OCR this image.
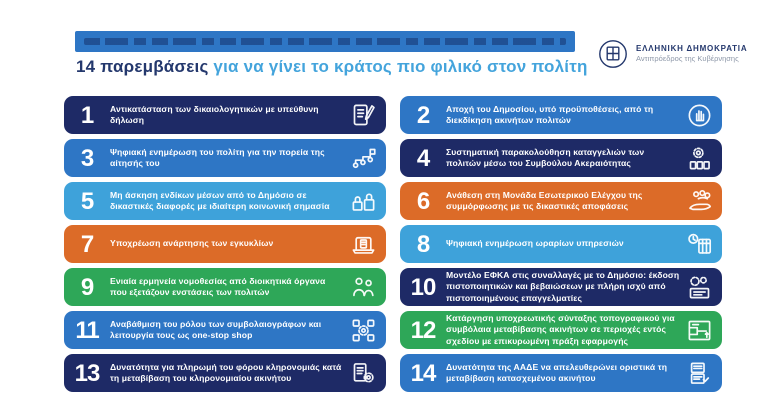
14 παρεμβάσεις για να γίνει το κράτος πιο φιλικό στον πολίτη
ΕΛΛΗΝΙΚΗ ΔΗΜΟΚΡΑΤΙΑ
Αντιπρόεδρος της Κυβέρνησης
1	Αντικατάσταση των δικαιολογητικών με υπεύθυνη δήλωση	2	Αποχή του Δημοσίου, υπό προϋποθέσεις, από τη διεκδίκηση ακινήτων πολιτών
3	Ψηφιακή ενημέρωση του πολίτη για την πορεία της αίτησής του	4	Συστηματική παρακολούθηση καταγγελιών των πολιτών μέσω του Συμβούλου Ακεραιότητας
5	Μη άσκηση ενδίκων μέσων από το Δημόσιο σε δικαστικές διαφορές με ιδιαίτερη κοινωνική σημασία	6	Ανάθεση στη Μονάδα Εσωτερικού Ελέγχου της συμμόρφωσης με τις δικαστικές αποφάσεις
7	Υποχρέωση ανάρτησης των εγκυκλίων	8	Ψηφιακή ενημέρωση ωραρίων υπηρεσιών
9	Ενιαία ερμηνεία νομοθεσίας από διοικητικά όργανα που εξετάζουν ενστάσεις των πολιτών	10	Μοντέλο ΕΦΚΑ στις συναλλαγές με το Δημόσιο: έκδοση πιστοποιητικών και βεβαιώσεων με πλήρη ισχύ από πιστοποιημένους επαγγελματίες
11	Αναβάθμιση του ρόλου των συμβολαιογράφων και λειτουργία τους ως one-stop shop	12	Κατάργηση υποχρεωτικής σύνταξης τοπογραφικού για συμβόλαια μεταβίβασης ακινήτων σε περιοχές εντός σχεδίου με επικυρωμένη πράξη εφαρμογής
13	Δυνατότητα για πληρωμή του φόρου κληρονομιάς κατά τη μεταβίβαση του κληρονομιαίου ακινήτου	14	Δυνατότητα της ΑΑΔΕ να απελευθερώνει οριστικά τη μεταβίβαση κατασχεμένου ακινήτου
